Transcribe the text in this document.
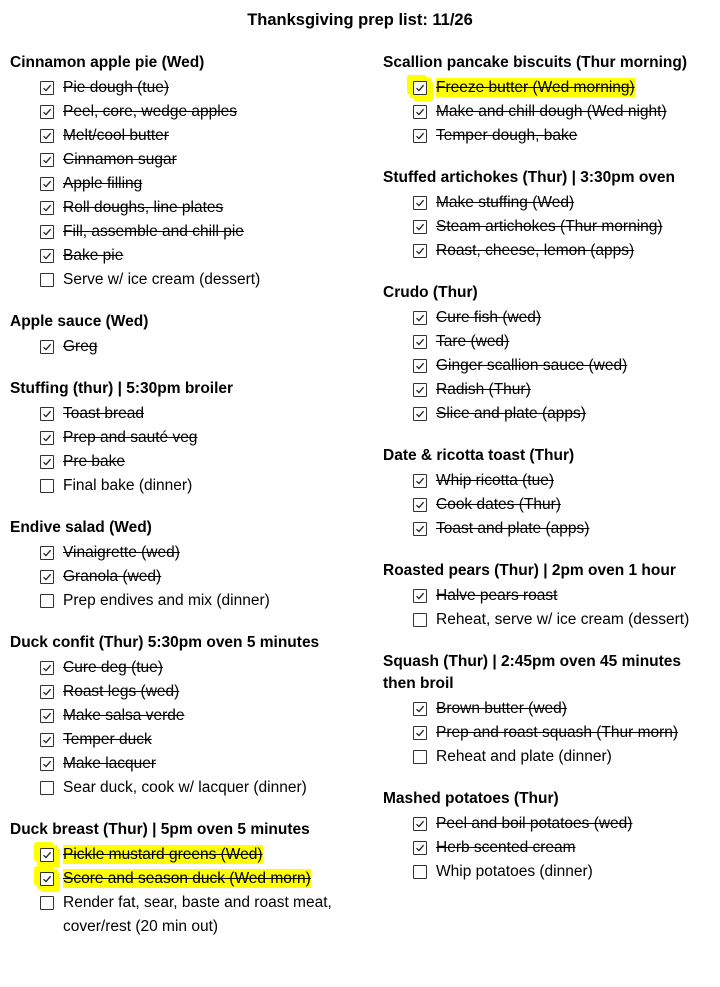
Thanksgiving prep list: 11/26
Cinnamon apple pie (Wed)
Pie dough (tue)
Peel, core, wedge apples
Melt/cool butter
Cinnamon sugar
Apple filling
Roll doughs, line plates
Fill, assemble and chill pie
Bake pie
Serve w/ ice cream (dessert)
Apple sauce (Wed)
Greg
Stuffing (thur) | 5:30pm broiler
Toast bread
Prep and sauté veg
Pre bake
Final bake (dinner)
Endive salad (Wed)
Vinaigrette (wed)
Granola (wed)
Prep endives and mix (dinner)
Duck confit (Thur) 5:30pm oven 5 minutes
Cure deg (tue)
Roast legs (wed)
Make salsa verde
Temper duck
Make lacquer
Sear duck, cook w/ lacquer (dinner)
Duck breast (Thur) | 5pm oven 5 minutes
Pickle mustard greens (Wed)
Score and season duck (Wed morn)
Render fat, sear, baste and roast meat, cover/rest (20 min out)
Scallion pancake biscuits (Thur morning)
Freeze butter (Wed morning)
Make and chill dough (Wed night)
Temper dough, bake
Stuffed artichokes (Thur) | 3:30pm oven
Make stuffing (Wed)
Steam artichokes (Thur morning)
Roast, cheese, lemon (apps)
Crudo (Thur)
Cure fish (wed)
Tare (wed)
Ginger scallion sauce (wed)
Radish (Thur)
Slice and plate (apps)
Date & ricotta toast (Thur)
Whip ricotta (tue)
Cook dates (Thur)
Toast and plate (apps)
Roasted pears (Thur) | 2pm oven 1 hour
Halve pears roast
Reheat, serve w/ ice cream (dessert)
Squash (Thur) | 2:45pm oven 45 minutes then broil
Brown butter (wed)
Prep and roast squash (Thur morn)
Reheat and plate (dinner)
Mashed potatoes (Thur)
Peel and boil potatoes (wed)
Herb scented cream
Whip potatoes (dinner)
